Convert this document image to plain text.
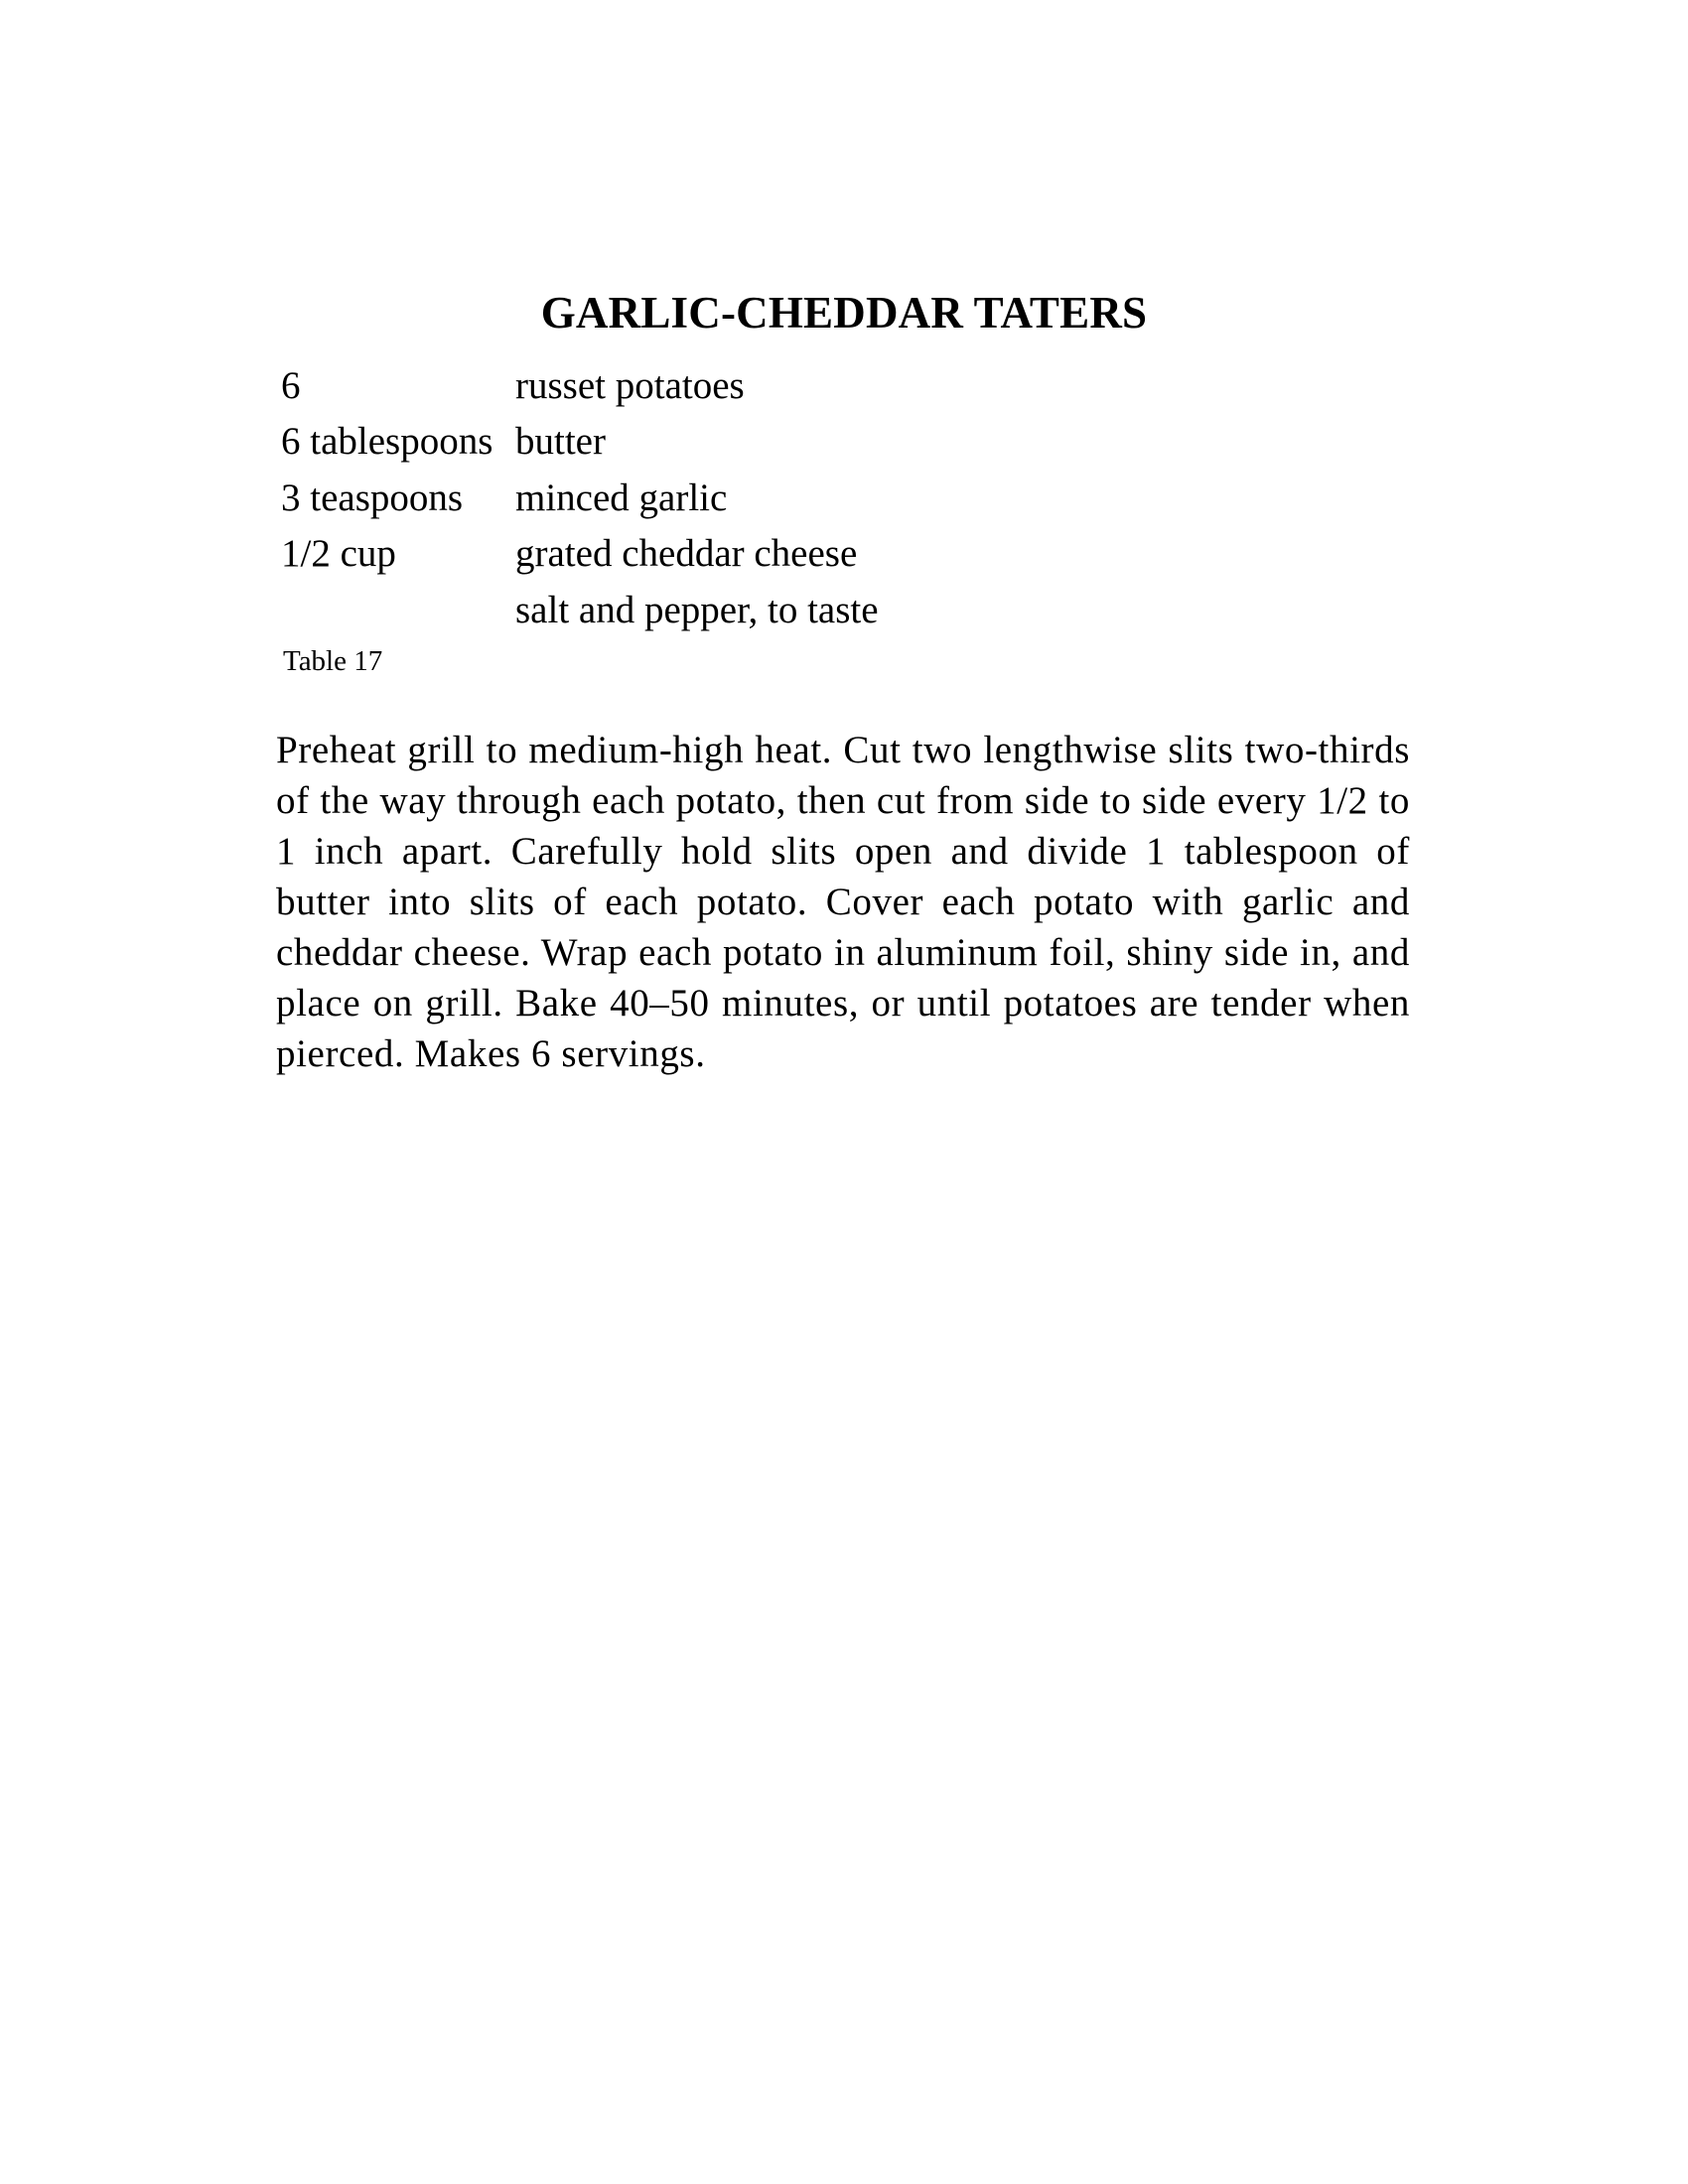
GARLIC-CHEDDAR TATERS
6	russet potatoes
6 tablespoons	butter
3 teaspoons	minced garlic
1/2 cup	grated cheddar cheese
	salt and pepper, to taste
Table 17

Preheat grill to medium-high heat. Cut two lengthwise slits two-thirds of the way through each potato, then cut from side to side every 1/2 to 1 inch apart. Carefully hold slits open and divide 1 tablespoon of butter into slits of each potato. Cover each potato with garlic and cheddar cheese. Wrap each potato in aluminum foil, shiny side in, and place on grill. Bake 40–50 minutes, or until potatoes are tender when pierced. Makes 6 servings.
